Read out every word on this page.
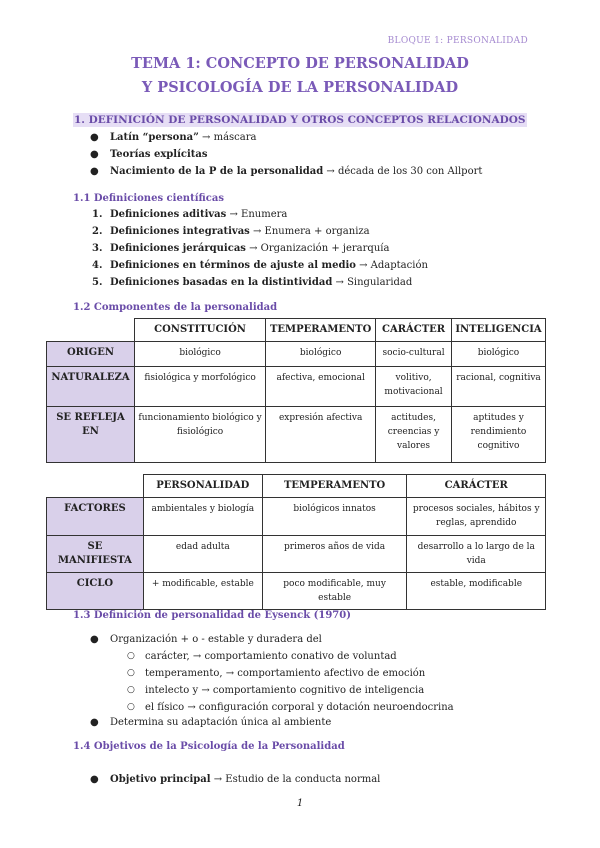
BLOQUE 1: PERSONALIDAD
TEMA 1: CONCEPTO DE PERSONALIDAD
Y PSICOLOGÍA DE LA PERSONALIDAD
1. DEFINICIÓN DE PERSONALIDAD Y OTROS CONCEPTOS RELACIONADOS
● Latín “persona” → máscara
● Teorías explícitas
● Nacimiento de la P de la personalidad → década de los 30 con Allport
1.1 Definiciones científicas
1. Definiciones aditivas → Enumera
2. Definiciones integrativas → Enumera + organiza
3. Definiciones jerárquicas → Organización + jerarquía
4. Definiciones en términos de ajuste al medio → Adaptación
5. Definiciones basadas en la distintividad → Singularidad
1.2 Componentes de la personalidad
	CONSTITUCIÓN	TEMPERAMENTO	CARÁCTER	INTELIGENCIA
ORIGEN	biológico	biológico	socio-cultural	biológico
NATURALEZA	fisiológica y morfológico	afectiva, emocional	volitivo, motivacional	racional, cognitiva
SE REFLEJA EN	funcionamiento biológico y fisiológico	expresión afectiva	actitudes, creencias y valores	aptitudes y rendimiento cognitivo
	PERSONALIDAD	TEMPERAMENTO	CARÁCTER
FACTORES	ambientales y biología	biológicos innatos	procesos sociales, hábitos y reglas, aprendido
SE MANIFIESTA	edad adulta	primeros años de vida	desarrollo a lo largo de la vida
CICLO	+ modificable, estable	poco modificable, muy estable	estable, modificable
1.3 Definición de personalidad de Eysenck (1970)
● Organización + o - estable y duradera del
○ carácter, → comportamiento conativo de voluntad
○ temperamento, → comportamiento afectivo de emoción
○ intelecto y → comportamiento cognitivo de inteligencia
○ el físico → configuración corporal y dotación neuroendocrina
● Determina su adaptación única al ambiente
1.4 Objetivos de la Psicología de la Personalidad
● Objetivo principal → Estudio de la conducta normal
1
